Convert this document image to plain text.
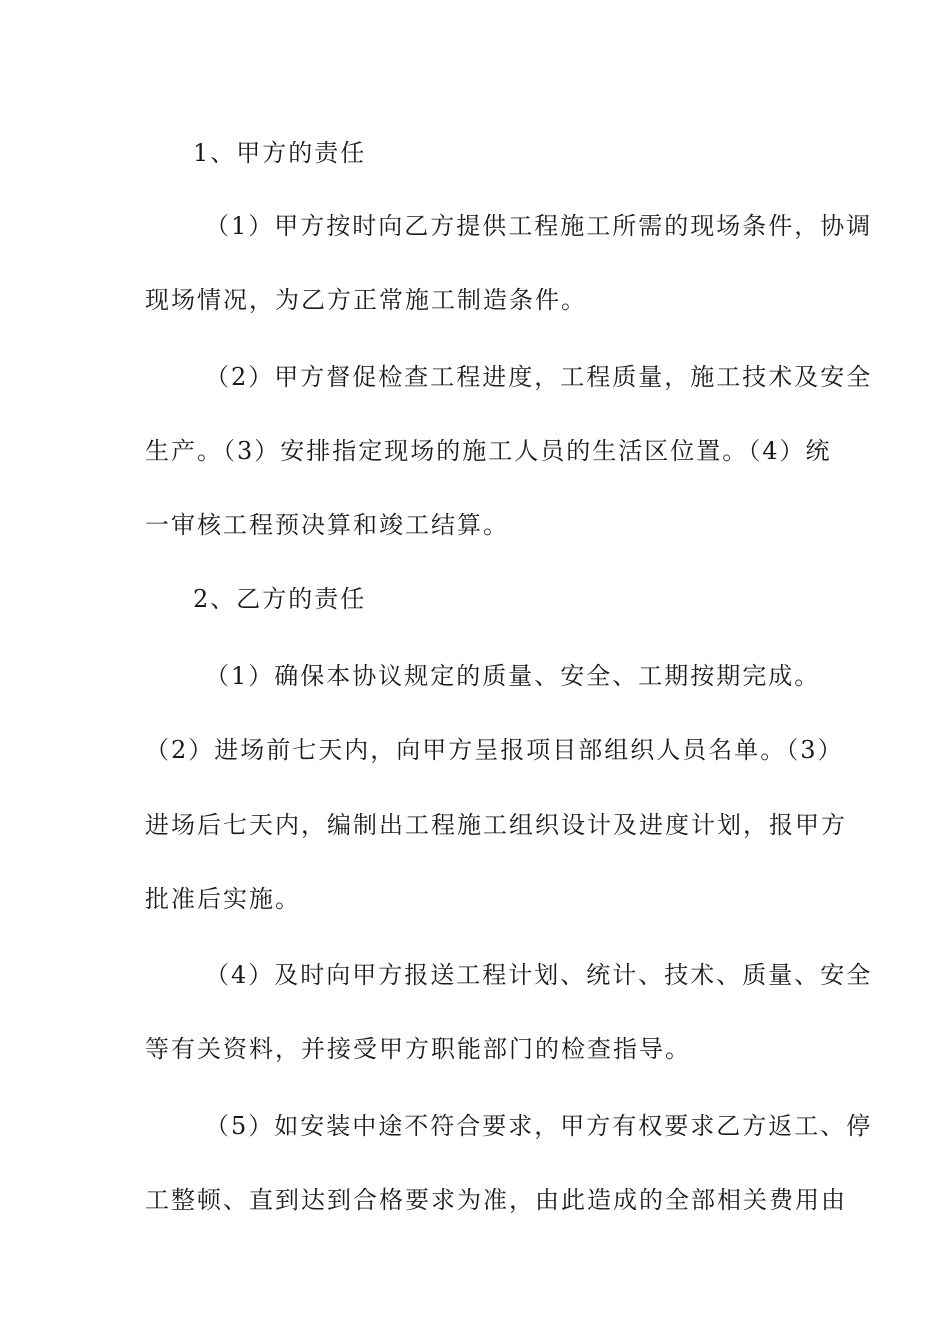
1、甲方的责任
（1）甲方按时向乙方提供工程施工所需的现场条件，协调
现场情况，为乙方正常施工制造条件。
（2）甲方督促检查工程进度，工程质量，施工技术及安全
生产。（3）安排指定现场的施工人员的生活区位置。（4）统
一审核工程预决算和竣工结算。
2、乙方的责任
（1）确保本协议规定的质量、安全、工期按期完成。
（2）进场前七天内，向甲方呈报项目部组织人员名单。（3）
进场后七天内，编制出工程施工组织设计及进度计划，报甲方
批准后实施。
（4）及时向甲方报送工程计划、统计、技术、质量、安全
等有关资料，并接受甲方职能部门的检查指导。
（5）如安装中途不符合要求，甲方有权要求乙方返工、停
工整顿、直到达到合格要求为准，由此造成的全部相关费用由
